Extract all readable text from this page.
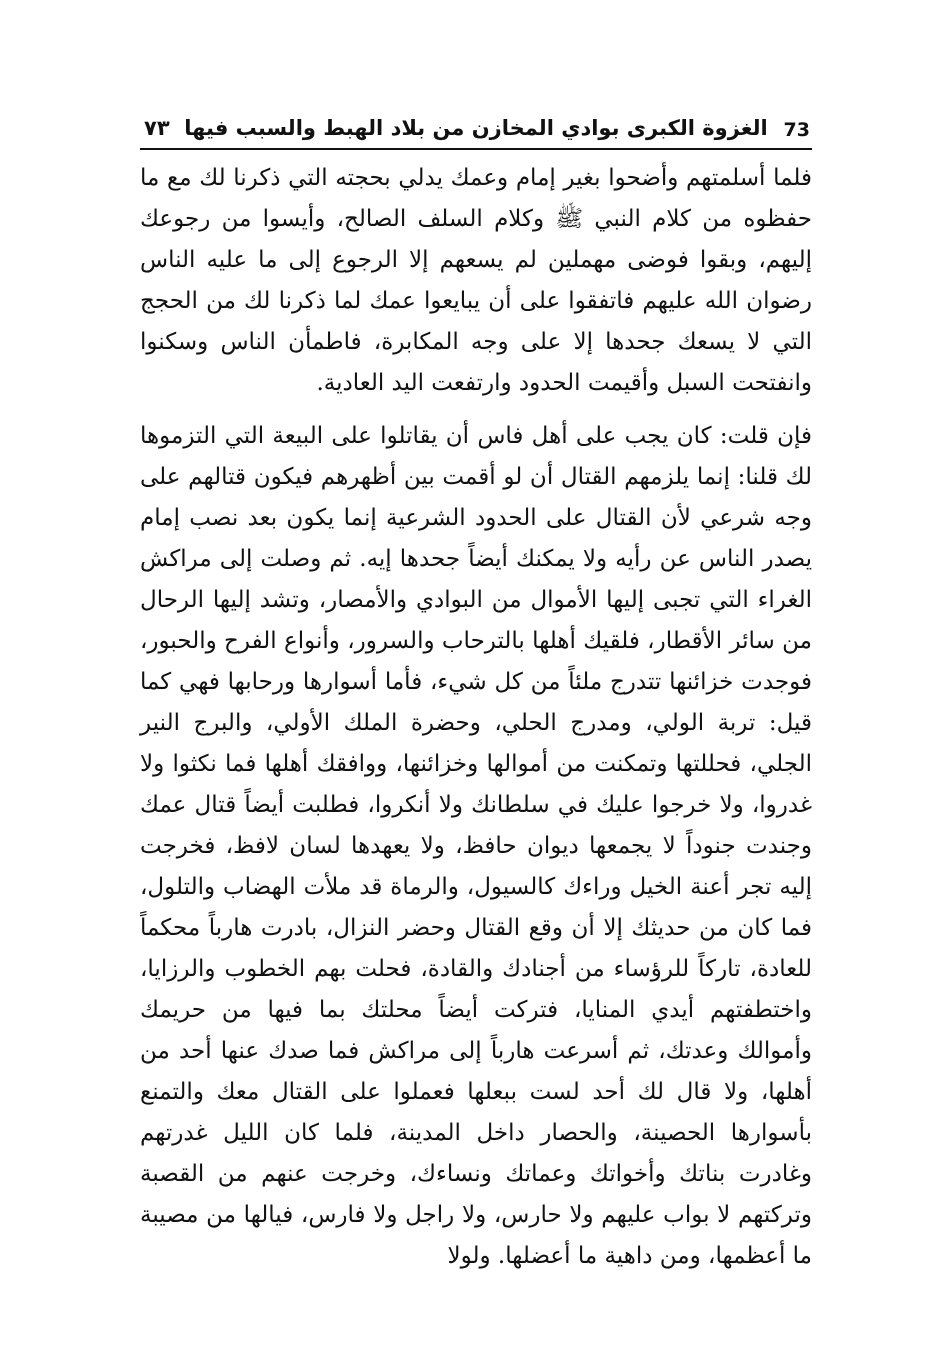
73
الغزوة الكبرى بوادي المخازن من بلاد الهبط والسبب فيها
٧٣

فلما أسلمتهم وأضحوا بغير إمام وعمك يدلي بحجته التي ذكرنا لك مع ما حفظوه من كلام النبي ﷺ وكلام السلف الصالح، وأيسوا من رجوعك إليهم، وبقوا فوضى مهملين لم يسعهم إلا الرجوع إلى ما عليه الناس رضوان الله عليهم فاتفقوا على أن يبايعوا عمك لما ذكرنا لك من الحجج التي لا يسعك جحدها إلا على وجه المكابرة، فاطمأن الناس وسكنوا وانفتحت السبل وأقيمت الحدود وارتفعت اليد العادية.

فإن قلت: كان يجب على أهل فاس أن يقاتلوا على البيعة التي التزموها لك قلنا: إنما يلزمهم القتال أن لو أقمت بين أظهرهم فيكون قتالهم على وجه شرعي لأن القتال على الحدود الشرعية إنما يكون بعد نصب إمام يصدر الناس عن رأيه ولا يمكنك أيضاً جحدها إيه. ثم وصلت إلى مراكش الغراء التي تجبى إليها الأموال من البوادي والأمصار، وتشد إليها الرحال من سائر الأقطار، فلقيك أهلها بالترحاب والسرور، وأنواع الفرح والحبور، فوجدت خزائنها تتدرج ملئاً من كل شيء، فأما أسوارها ورحابها فهي كما قيل: تربة الولي، ومدرج الحلي، وحضرة الملك الأولي، والبرج النير الجلي، فحللتها وتمكنت من أموالها وخزائنها، ووافقك أهلها فما نكثوا ولا غدروا، ولا خرجوا عليك في سلطانك ولا أنكروا، فطلبت أيضاً قتال عمك وجندت جنوداً لا يجمعها ديوان حافظ، ولا يعهدها لسان لافظ، فخرجت إليه تجر أعنة الخيل وراءك كالسيول، والرماة قد ملأت الهضاب والتلول، فما كان من حديثك إلا أن وقع القتال وحضر النزال، بادرت هارباً محكماً للعادة، تاركاً للرؤساء من أجنادك والقادة، فحلت بهم الخطوب والرزايا، واختطفتهم أيدي المنايا، فتركت أيضاً محلتك بما فيها من حريمك وأموالك وعدتك، ثم أسرعت هارباً إلى مراكش فما صدك عنها أحد من أهلها، ولا قال لك أحد لست ببعلها فعملوا على القتال معك والتمنع بأسوارها الحصينة، والحصار داخل المدينة، فلما كان الليل غدرتهم وغادرت بناتك وأخواتك وعماتك ونساءك، وخرجت عنهم من القصبة وتركتهم لا بواب عليهم ولا حارس، ولا راجل ولا فارس، فيالها من مصيبة ما أعظمها، ومن داهية ما أعضلها. ولولا
